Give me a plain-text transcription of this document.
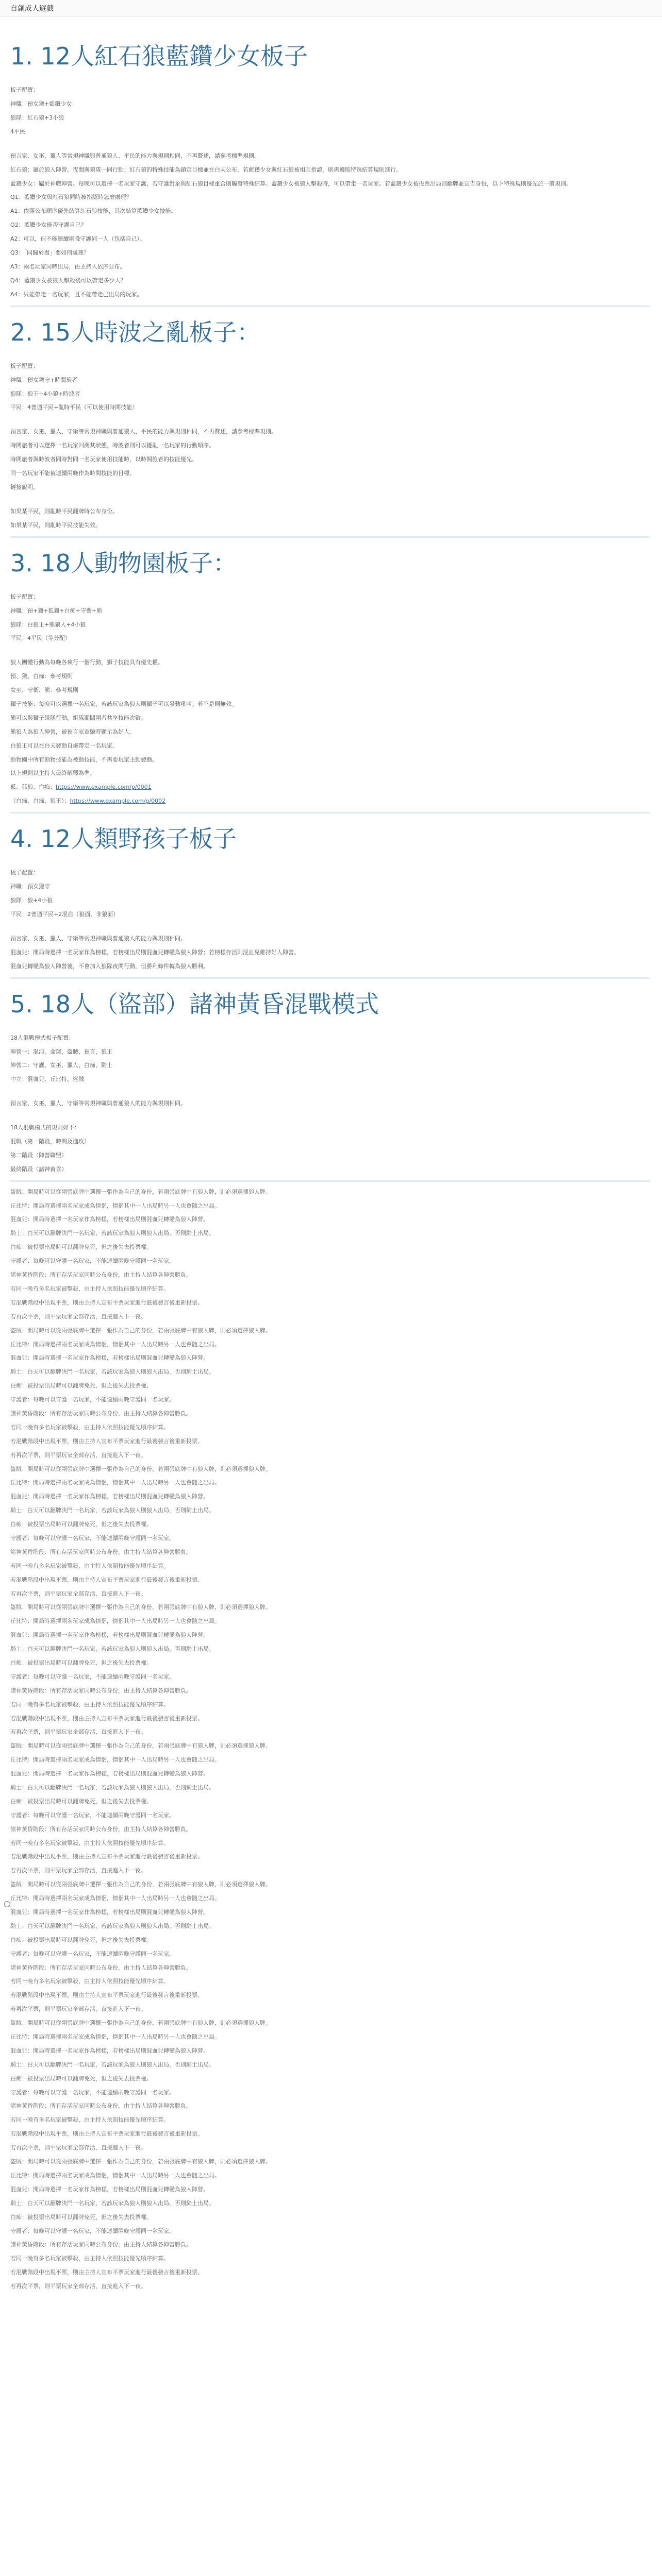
自創成人遊戲
1. 12人紅石狼藍鑽少女板子
板子配置：
神職：預女獵+藍鑽少女
狼隊：紅石狼+3小狼
4平民
預言家、女巫、獵人等常規神職與普通狼人、平民的能力與規則相同，不再贅述，請參考標準規則。
紅石狼：屬於狼人陣營。夜間與狼隊一同行動；紅石狼的特殊技能為鎖定目標並在白天公布，若藍鑽少女與紅石狼被相互指認，則需遵照特殊結算規則進行。
藍鑽少女：屬於神職陣營。每晚可以選擇一名玩家守護，若守護對象與紅石狼目標重合則觸發特殊結算。藍鑽少女被狼人擊殺時，可以帶走一名玩家。若藍鑽少女被投票出局則翻牌並宣告身份，以下特殊規則優先於一般規則。
Q1：藍鑽少女與紅石狼同時被指認時怎麼處理？
A1：依照公布順序優先結算紅石狼技能，其次結算藍鑽少女技能。
Q2：藍鑽少女能否守護自己？
A2：可以，但不能連續兩晚守護同一人（包括自己）。
Q3：「同歸於盡」要如何處理？
A3：兩名玩家同時出局，由主持人依序公布。
Q4：藍鑽少女被狼人擊殺後可以帶走多少人？
A4：只能帶走一名玩家，且不能帶走已出局的玩家。
2. 15人時波之亂板子：
板子配置：
神職：預女獵守+時間旅者
狼隊：狼王+4小狼+時波者
平民：4普通平民+亂時平民（可以使用時間技能）
預言家、女巫、獵人、守衛等常規神職與普通狼人、平民的能力與規則相同，不再贅述，請參考標準規則。
時間旅者可以選擇一名玩家回溯其狀態，時波者則可以擾亂一名玩家的行動順序。
時間旅者與時波者同時對同一名玩家使用技能時，以時間旅者的技能優先。
同一名玩家不能被連續兩晚作為時間技能的目標。
鏈接說明。
如果某平民，則亂時平民翻牌時公布身份。
如果某平民，則亂時平民技能失效。
3. 18人動物園板子：
板子配置：
神職：預+獵+狐獵+白痴+守衛+熊
狼隊：白狼王+熊狼人+4小狼
平民：4平民（等分配）
狼人團體行動為每晚各執行一個行動，獅子技能具有優先權。
預、獵、白痴：參考規則
女巫、守衛、熊：參考規則
獅子技能：每晚可以選擇一名玩家，若該玩家為狼人則獅子可以發動吼叫；若不是則無效。
熊可以與獅子組隊行動，組隊期間兩者共享技能次數。
熊狼人為狼人陣營，被預言家查驗時顯示為好人。
白狼王可以在白天發動自爆帶走一名玩家。
動物園中所有動物技能為被動技能，不需要玩家主動發動。
以上規則以主持人最終解釋為準。
狐、狐狼、白痴：https://www.example.com/p/0001
（白痴、白痴、狼王）：https://www.example.com/p/0002
4. 12人類野孩子板子
板子配置：
神職：預女獵守
狼隊：狼+4小狼
平民：2普通平民+2混血（狼面、非狼面）
預言家、女巫、獵人、守衛等常規神職與普通狼人的能力與規則相同。
混血兒：開局時選擇一名玩家作為榜樣，若榜樣出局則混血兒轉變為狼人陣營；若榜樣存活則混血兒維持好人陣營。
混血兒轉變為狼人陣營後，不會加入狼隊夜間行動，但勝利條件轉為狼人勝利。
5. 18人（盜部）諸神黃昏混戰模式
18人混戰模式板子配置：
陣營一：混沌，命運，盜賊，預言，狼王
陣營二：守護，女巫，獵人，白痴，騎士
中立：混血兒，丘比特，盜賊
預言家、女巫、獵人、守衛等常規神職與普通狼人的能力與規則相同。
18人混戰模式的規則如下：
混戰（第一階段，時間及進攻）
第二階段（陣營聯盟）
最終階段（諸神黃昏）
盜賊：開局時可以從兩張底牌中選擇一張作為自己的身份，若兩張底牌中有狼人牌，則必須選擇狼人牌。
丘比特：開局時選擇兩名玩家成為情侶，情侶其中一人出局時另一人也會隨之出局。
混血兒：開局時選擇一名玩家作為榜樣，若榜樣出局則混血兒轉變為狼人陣營。
騎士：白天可以翻牌決鬥一名玩家，若該玩家為狼人則狼人出局，否則騎士出局。
白痴：被投票出局時可以翻牌免死，但之後失去投票權。
守護者：每晚可以守護一名玩家，不能連續兩晚守護同一名玩家。
諸神黃昏階段：所有存活玩家同時公布身份，由主持人結算各陣營勝負。
若同一晚有多名玩家被擊殺，由主持人依照技能優先順序結算。
若混戰階段中出現平票，則由主持人宣布平票玩家進行最後發言後重新投票。
若再次平票，則平票玩家全部存活，直接進入下一夜。
盜賊：開局時可以從兩張底牌中選擇一張作為自己的身份，若兩張底牌中有狼人牌，則必須選擇狼人牌。
丘比特：開局時選擇兩名玩家成為情侶，情侶其中一人出局時另一人也會隨之出局。
混血兒：開局時選擇一名玩家作為榜樣，若榜樣出局則混血兒轉變為狼人陣營。
騎士：白天可以翻牌決鬥一名玩家，若該玩家為狼人則狼人出局，否則騎士出局。
白痴：被投票出局時可以翻牌免死，但之後失去投票權。
守護者：每晚可以守護一名玩家，不能連續兩晚守護同一名玩家。
諸神黃昏階段：所有存活玩家同時公布身份，由主持人結算各陣營勝負。
若同一晚有多名玩家被擊殺，由主持人依照技能優先順序結算。
若混戰階段中出現平票，則由主持人宣布平票玩家進行最後發言後重新投票。
若再次平票，則平票玩家全部存活，直接進入下一夜。
盜賊：開局時可以從兩張底牌中選擇一張作為自己的身份，若兩張底牌中有狼人牌，則必須選擇狼人牌。
丘比特：開局時選擇兩名玩家成為情侶，情侶其中一人出局時另一人也會隨之出局。
混血兒：開局時選擇一名玩家作為榜樣，若榜樣出局則混血兒轉變為狼人陣營。
騎士：白天可以翻牌決鬥一名玩家，若該玩家為狼人則狼人出局，否則騎士出局。
白痴：被投票出局時可以翻牌免死，但之後失去投票權。
守護者：每晚可以守護一名玩家，不能連續兩晚守護同一名玩家。
諸神黃昏階段：所有存活玩家同時公布身份，由主持人結算各陣營勝負。
若同一晚有多名玩家被擊殺，由主持人依照技能優先順序結算。
若混戰階段中出現平票，則由主持人宣布平票玩家進行最後發言後重新投票。
若再次平票，則平票玩家全部存活，直接進入下一夜。
盜賊：開局時可以從兩張底牌中選擇一張作為自己的身份，若兩張底牌中有狼人牌，則必須選擇狼人牌。
丘比特：開局時選擇兩名玩家成為情侶，情侶其中一人出局時另一人也會隨之出局。
混血兒：開局時選擇一名玩家作為榜樣，若榜樣出局則混血兒轉變為狼人陣營。
騎士：白天可以翻牌決鬥一名玩家，若該玩家為狼人則狼人出局，否則騎士出局。
白痴：被投票出局時可以翻牌免死，但之後失去投票權。
守護者：每晚可以守護一名玩家，不能連續兩晚守護同一名玩家。
諸神黃昏階段：所有存活玩家同時公布身份，由主持人結算各陣營勝負。
若同一晚有多名玩家被擊殺，由主持人依照技能優先順序結算。
若混戰階段中出現平票，則由主持人宣布平票玩家進行最後發言後重新投票。
若再次平票，則平票玩家全部存活，直接進入下一夜。
盜賊：開局時可以從兩張底牌中選擇一張作為自己的身份，若兩張底牌中有狼人牌，則必須選擇狼人牌。
丘比特：開局時選擇兩名玩家成為情侶，情侶其中一人出局時另一人也會隨之出局。
混血兒：開局時選擇一名玩家作為榜樣，若榜樣出局則混血兒轉變為狼人陣營。
騎士：白天可以翻牌決鬥一名玩家，若該玩家為狼人則狼人出局，否則騎士出局。
白痴：被投票出局時可以翻牌免死，但之後失去投票權。
守護者：每晚可以守護一名玩家，不能連續兩晚守護同一名玩家。
諸神黃昏階段：所有存活玩家同時公布身份，由主持人結算各陣營勝負。
若同一晚有多名玩家被擊殺，由主持人依照技能優先順序結算。
若混戰階段中出現平票，則由主持人宣布平票玩家進行最後發言後重新投票。
若再次平票，則平票玩家全部存活，直接進入下一夜。
盜賊：開局時可以從兩張底牌中選擇一張作為自己的身份，若兩張底牌中有狼人牌，則必須選擇狼人牌。
丘比特：開局時選擇兩名玩家成為情侶，情侶其中一人出局時另一人也會隨之出局。
混血兒：開局時選擇一名玩家作為榜樣，若榜樣出局則混血兒轉變為狼人陣營。
騎士：白天可以翻牌決鬥一名玩家，若該玩家為狼人則狼人出局，否則騎士出局。
白痴：被投票出局時可以翻牌免死，但之後失去投票權。
守護者：每晚可以守護一名玩家，不能連續兩晚守護同一名玩家。
諸神黃昏階段：所有存活玩家同時公布身份，由主持人結算各陣營勝負。
若同一晚有多名玩家被擊殺，由主持人依照技能優先順序結算。
若混戰階段中出現平票，則由主持人宣布平票玩家進行最後發言後重新投票。
若再次平票，則平票玩家全部存活，直接進入下一夜。
盜賊：開局時可以從兩張底牌中選擇一張作為自己的身份，若兩張底牌中有狼人牌，則必須選擇狼人牌。
丘比特：開局時選擇兩名玩家成為情侶，情侶其中一人出局時另一人也會隨之出局。
混血兒：開局時選擇一名玩家作為榜樣，若榜樣出局則混血兒轉變為狼人陣營。
騎士：白天可以翻牌決鬥一名玩家，若該玩家為狼人則狼人出局，否則騎士出局。
白痴：被投票出局時可以翻牌免死，但之後失去投票權。
守護者：每晚可以守護一名玩家，不能連續兩晚守護同一名玩家。
諸神黃昏階段：所有存活玩家同時公布身份，由主持人結算各陣營勝負。
若同一晚有多名玩家被擊殺，由主持人依照技能優先順序結算。
若混戰階段中出現平票，則由主持人宣布平票玩家進行最後發言後重新投票。
若再次平票，則平票玩家全部存活，直接進入下一夜。
盜賊：開局時可以從兩張底牌中選擇一張作為自己的身份，若兩張底牌中有狼人牌，則必須選擇狼人牌。
丘比特：開局時選擇兩名玩家成為情侶，情侶其中一人出局時另一人也會隨之出局。
混血兒：開局時選擇一名玩家作為榜樣，若榜樣出局則混血兒轉變為狼人陣營。
騎士：白天可以翻牌決鬥一名玩家，若該玩家為狼人則狼人出局，否則騎士出局。
白痴：被投票出局時可以翻牌免死，但之後失去投票權。
守護者：每晚可以守護一名玩家，不能連續兩晚守護同一名玩家。
諸神黃昏階段：所有存活玩家同時公布身份，由主持人結算各陣營勝負。
若同一晚有多名玩家被擊殺，由主持人依照技能優先順序結算。
若混戰階段中出現平票，則由主持人宣布平票玩家進行最後發言後重新投票。
若再次平票，則平票玩家全部存活，直接進入下一夜。
